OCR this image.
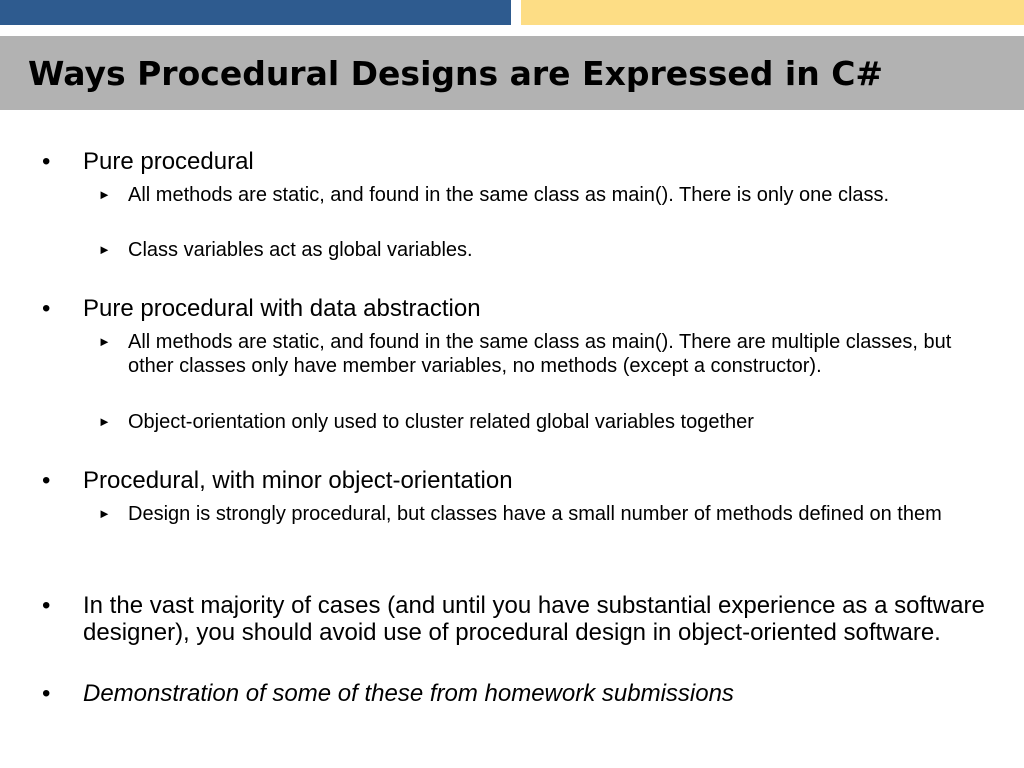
Ways Procedural Designs are Expressed in C#
• Pure procedural
► All methods are static, and found in the same class as main(). There is only one class.
► Class variables act as global variables.
• Pure procedural with data abstraction
► All methods are static, and found in the same class as main(). There are multiple classes, but other classes only have member variables, no methods (except a constructor).
► Object-orientation only used to cluster related global variables together
• Procedural, with minor object-orientation
► Design is strongly procedural, but classes have a small number of methods defined on them
• In the vast majority of cases (and until you have substantial experience as a software designer), you should avoid use of procedural design in object-oriented software.
• Demonstration of some of these from homework submissions
